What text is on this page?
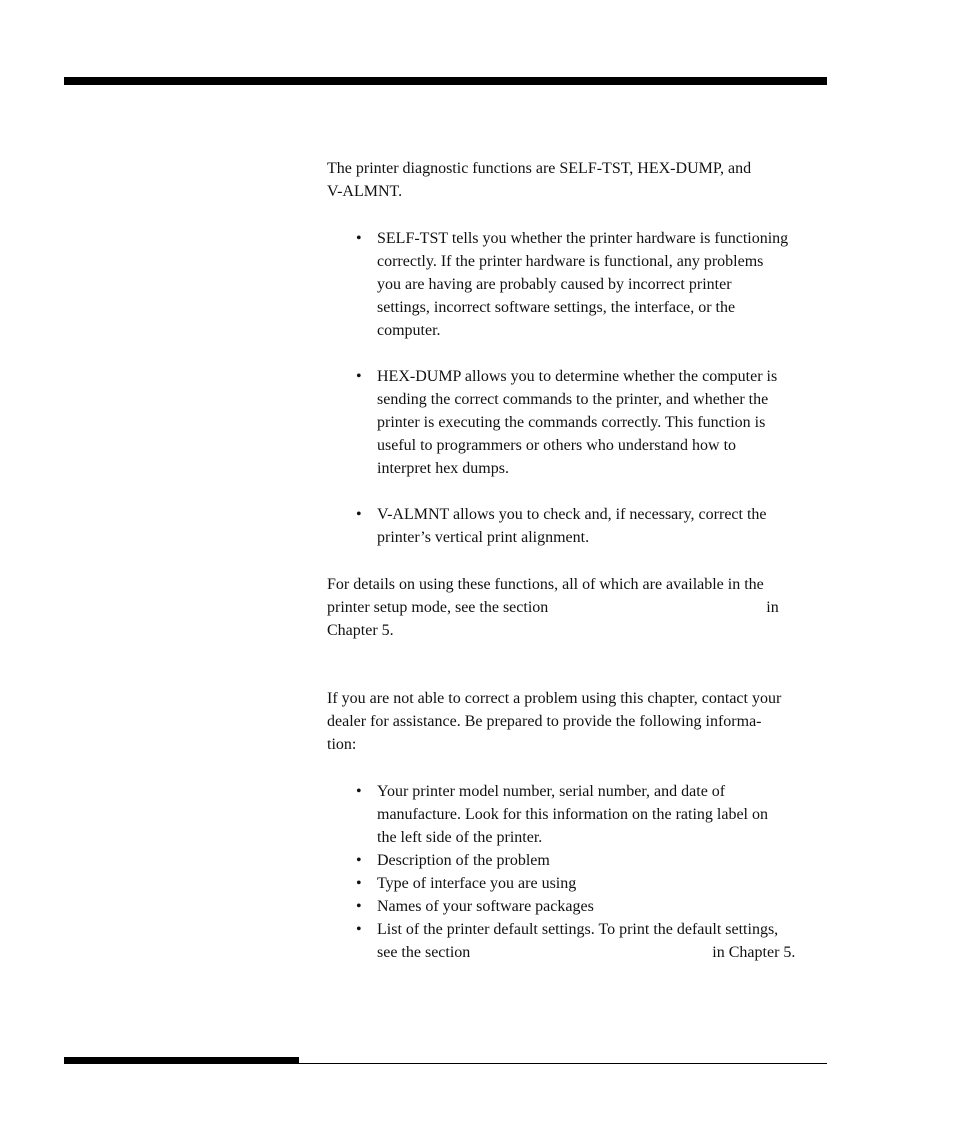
The printer diagnostic functions are SELF-TST, HEX-DUMP, and
V-ALMNT.

• SELF-TST tells you whether the printer hardware is functioning
correctly. If the printer hardware is functional, any problems
you are having are probably caused by incorrect printer
settings, incorrect software settings, the interface, or the
computer.
• HEX-DUMP allows you to determine whether the computer is
sending the correct commands to the printer, and whether the
printer is executing the commands correctly. This function is
useful to programmers or others who understand how to
interpret hex dumps.
• V-ALMNT allows you to check and, if necessary, correct the
printer’s vertical print alignment.

For details on using these functions, all of which are available in the
printer setup mode, see the section	in
Chapter 5.

If you are not able to correct a problem using this chapter, contact your
dealer for assistance. Be prepared to provide the following informa-
tion:

• Your printer model number, serial number, and date of
manufacture. Look for this information on the rating label on
the left side of the printer.
• Description of the problem
• Type of interface you are using
• Names of your software packages
• List of the printer default settings. To print the default settings,
see the section	in Chapter 5.
